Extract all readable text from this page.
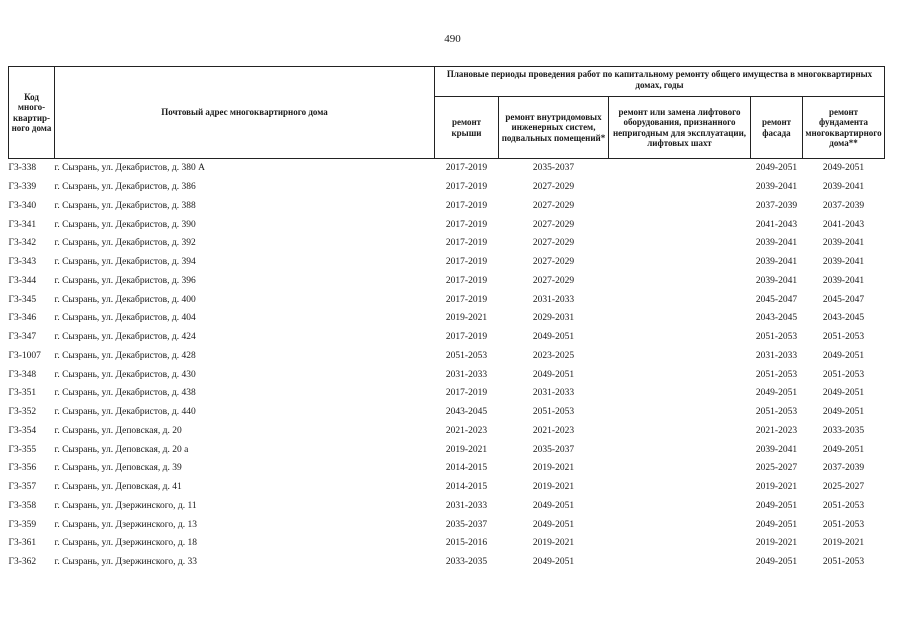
490
Код много-квартир-ного дома	Почтовый адрес многоквартирного дома	Плановые периоды проведения работ по капитальному ремонту общего имущества в многоквартирных домах, годы				
		ремонт крыши	ремонт внутридомовых инженерных систем, подвальных помещений*	ремонт или замена лифтового оборудования, признанного непригодным для эксплуатации, лифтовых шахт	ремонт фасада	ремонт фундамента многоквартирного дома**
Г3-338	г. Сызрань, ул. Декабристов, д. 380 А	2017-2019	2035-2037		2049-2051	2049-2051
Г3-339	г. Сызрань, ул. Декабристов, д. 386	2017-2019	2027-2029		2039-2041	2039-2041
Г3-340	г. Сызрань, ул. Декабристов, д. 388	2017-2019	2027-2029		2037-2039	2037-2039
Г3-341	г. Сызрань, ул. Декабристов, д. 390	2017-2019	2027-2029		2041-2043	2041-2043
Г3-342	г. Сызрань, ул. Декабристов, д. 392	2017-2019	2027-2029		2039-2041	2039-2041
Г3-343	г. Сызрань, ул. Декабристов, д. 394	2017-2019	2027-2029		2039-2041	2039-2041
Г3-344	г. Сызрань, ул. Декабристов, д. 396	2017-2019	2027-2029		2039-2041	2039-2041
Г3-345	г. Сызрань, ул. Декабристов, д. 400	2017-2019	2031-2033		2045-2047	2045-2047
Г3-346	г. Сызрань, ул. Декабристов, д. 404	2019-2021	2029-2031		2043-2045	2043-2045
Г3-347	г. Сызрань, ул. Декабристов, д. 424	2017-2019	2049-2051		2051-2053	2051-2053
Г3-1007	г. Сызрань, ул. Декабристов, д. 428	2051-2053	2023-2025		2031-2033	2049-2051
Г3-348	г. Сызрань, ул. Декабристов, д. 430	2031-2033	2049-2051		2051-2053	2051-2053
Г3-351	г. Сызрань, ул. Декабристов, д. 438	2017-2019	2031-2033		2049-2051	2049-2051
Г3-352	г. Сызрань, ул. Декабристов, д. 440	2043-2045	2051-2053		2051-2053	2049-2051
Г3-354	г. Сызрань, ул. Деповская, д. 20	2021-2023	2021-2023		2021-2023	2033-2035
Г3-355	г. Сызрань, ул. Деповская, д. 20 а	2019-2021	2035-2037		2039-2041	2049-2051
Г3-356	г. Сызрань, ул. Деповская, д. 39	2014-2015	2019-2021		2025-2027	2037-2039
Г3-357	г. Сызрань, ул. Деповская, д. 41	2014-2015	2019-2021		2019-2021	2025-2027
Г3-358	г. Сызрань, ул. Дзержинского, д. 11	2031-2033	2049-2051		2049-2051	2051-2053
Г3-359	г. Сызрань, ул. Дзержинского, д. 13	2035-2037	2049-2051		2049-2051	2051-2053
Г3-361	г. Сызрань, ул. Дзержинского, д. 18	2015-2016	2019-2021		2019-2021	2019-2021
Г3-362	г. Сызрань, ул. Дзержинского, д. 33	2033-2035	2049-2051		2049-2051	2051-2053
